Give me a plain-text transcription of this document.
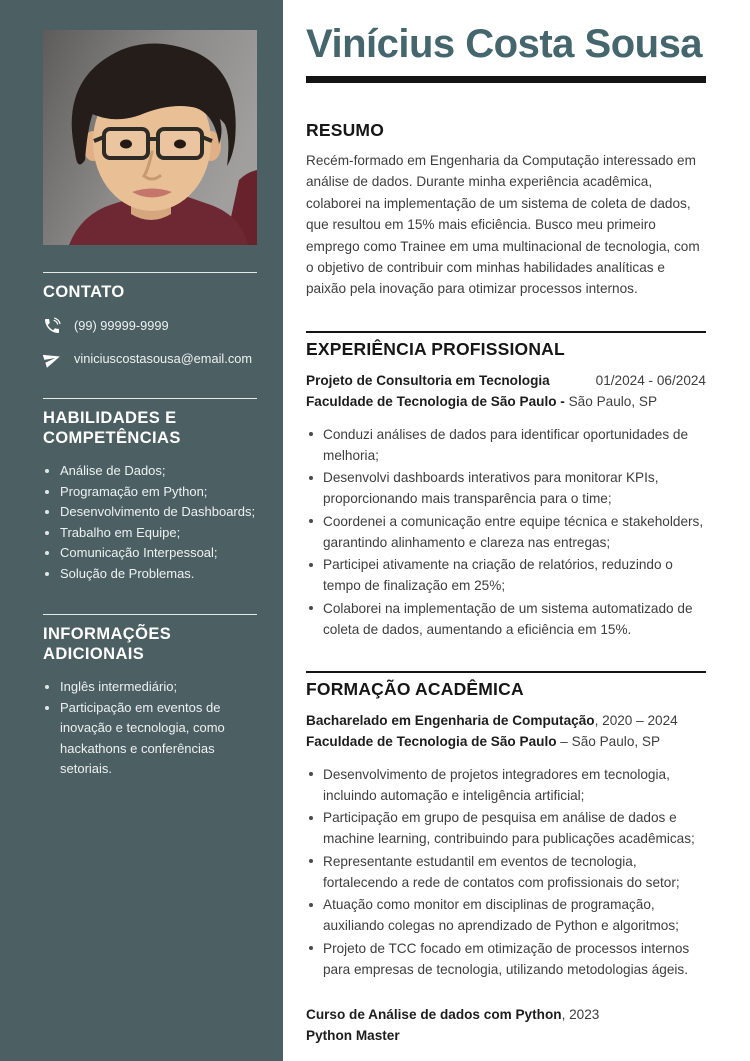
CONTATO
(99) 99999-9999
viniciuscostasousa@email.com
HABILIDADES E COMPETÊNCIAS
Análise de Dados;
Programação em Python;
Desenvolvimento de Dashboards;
Trabalho em Equipe;
Comunicação Interpessoal;
Solução de Problemas.
INFORMAÇÕES ADICIONAIS
Inglês intermediário;
Participação em eventos de inovação e tecnologia, como hackathons e conferências setoriais.
Vinícius Costa Sousa
RESUMO

Recém-formado em Engenharia da Computação interessado em análise de dados. Durante minha experiência acadêmica, colaborei na implementação de um sistema de coleta de dados, que resultou em 15% mais eficiência. Busco meu primeiro emprego como Trainee em uma multinacional de tecnologia, com o objetivo de contribuir com minhas habilidades analíticas e paixão pela inovação para otimizar processos internos.

EXPERIÊNCIA PROFISSIONAL
Projeto de Consultoria em Tecnologia	01/2024 - 06/2024
Faculdade de Tecnologia de São Paulo - São Paulo, SP
Conduzi análises de dados para identificar oportunidades de melhoria;
Desenvolvi dashboards interativos para monitorar KPIs, proporcionando mais transparência para o time;
Coordenei a comunicação entre equipe técnica e stakeholders, garantindo alinhamento e clareza nas entregas;
Participei ativamente na criação de relatórios, reduzindo o tempo de finalização em 25%;
Colaborei na implementação de um sistema automatizado de coleta de dados, aumentando a eficiência em 15%.
FORMAÇÃO ACADÊMICA
Bacharelado em Engenharia de Computação, 2020 – 2024
Faculdade de Tecnologia de São Paulo – São Paulo, SP
Desenvolvimento de projetos integradores em tecnologia, incluindo automação e inteligência artificial;
Participação em grupo de pesquisa em análise de dados e machine learning, contribuindo para publicações acadêmicas;
Representante estudantil em eventos de tecnologia, fortalecendo a rede de contatos com profissionais do setor;
Atuação como monitor em disciplinas de programação, auxiliando colegas no aprendizado de Python e algoritmos;
Projeto de TCC focado em otimização de processos internos para empresas de tecnologia, utilizando metodologias ágeis.
Curso de Análise de dados com Python, 2023
Python Master
